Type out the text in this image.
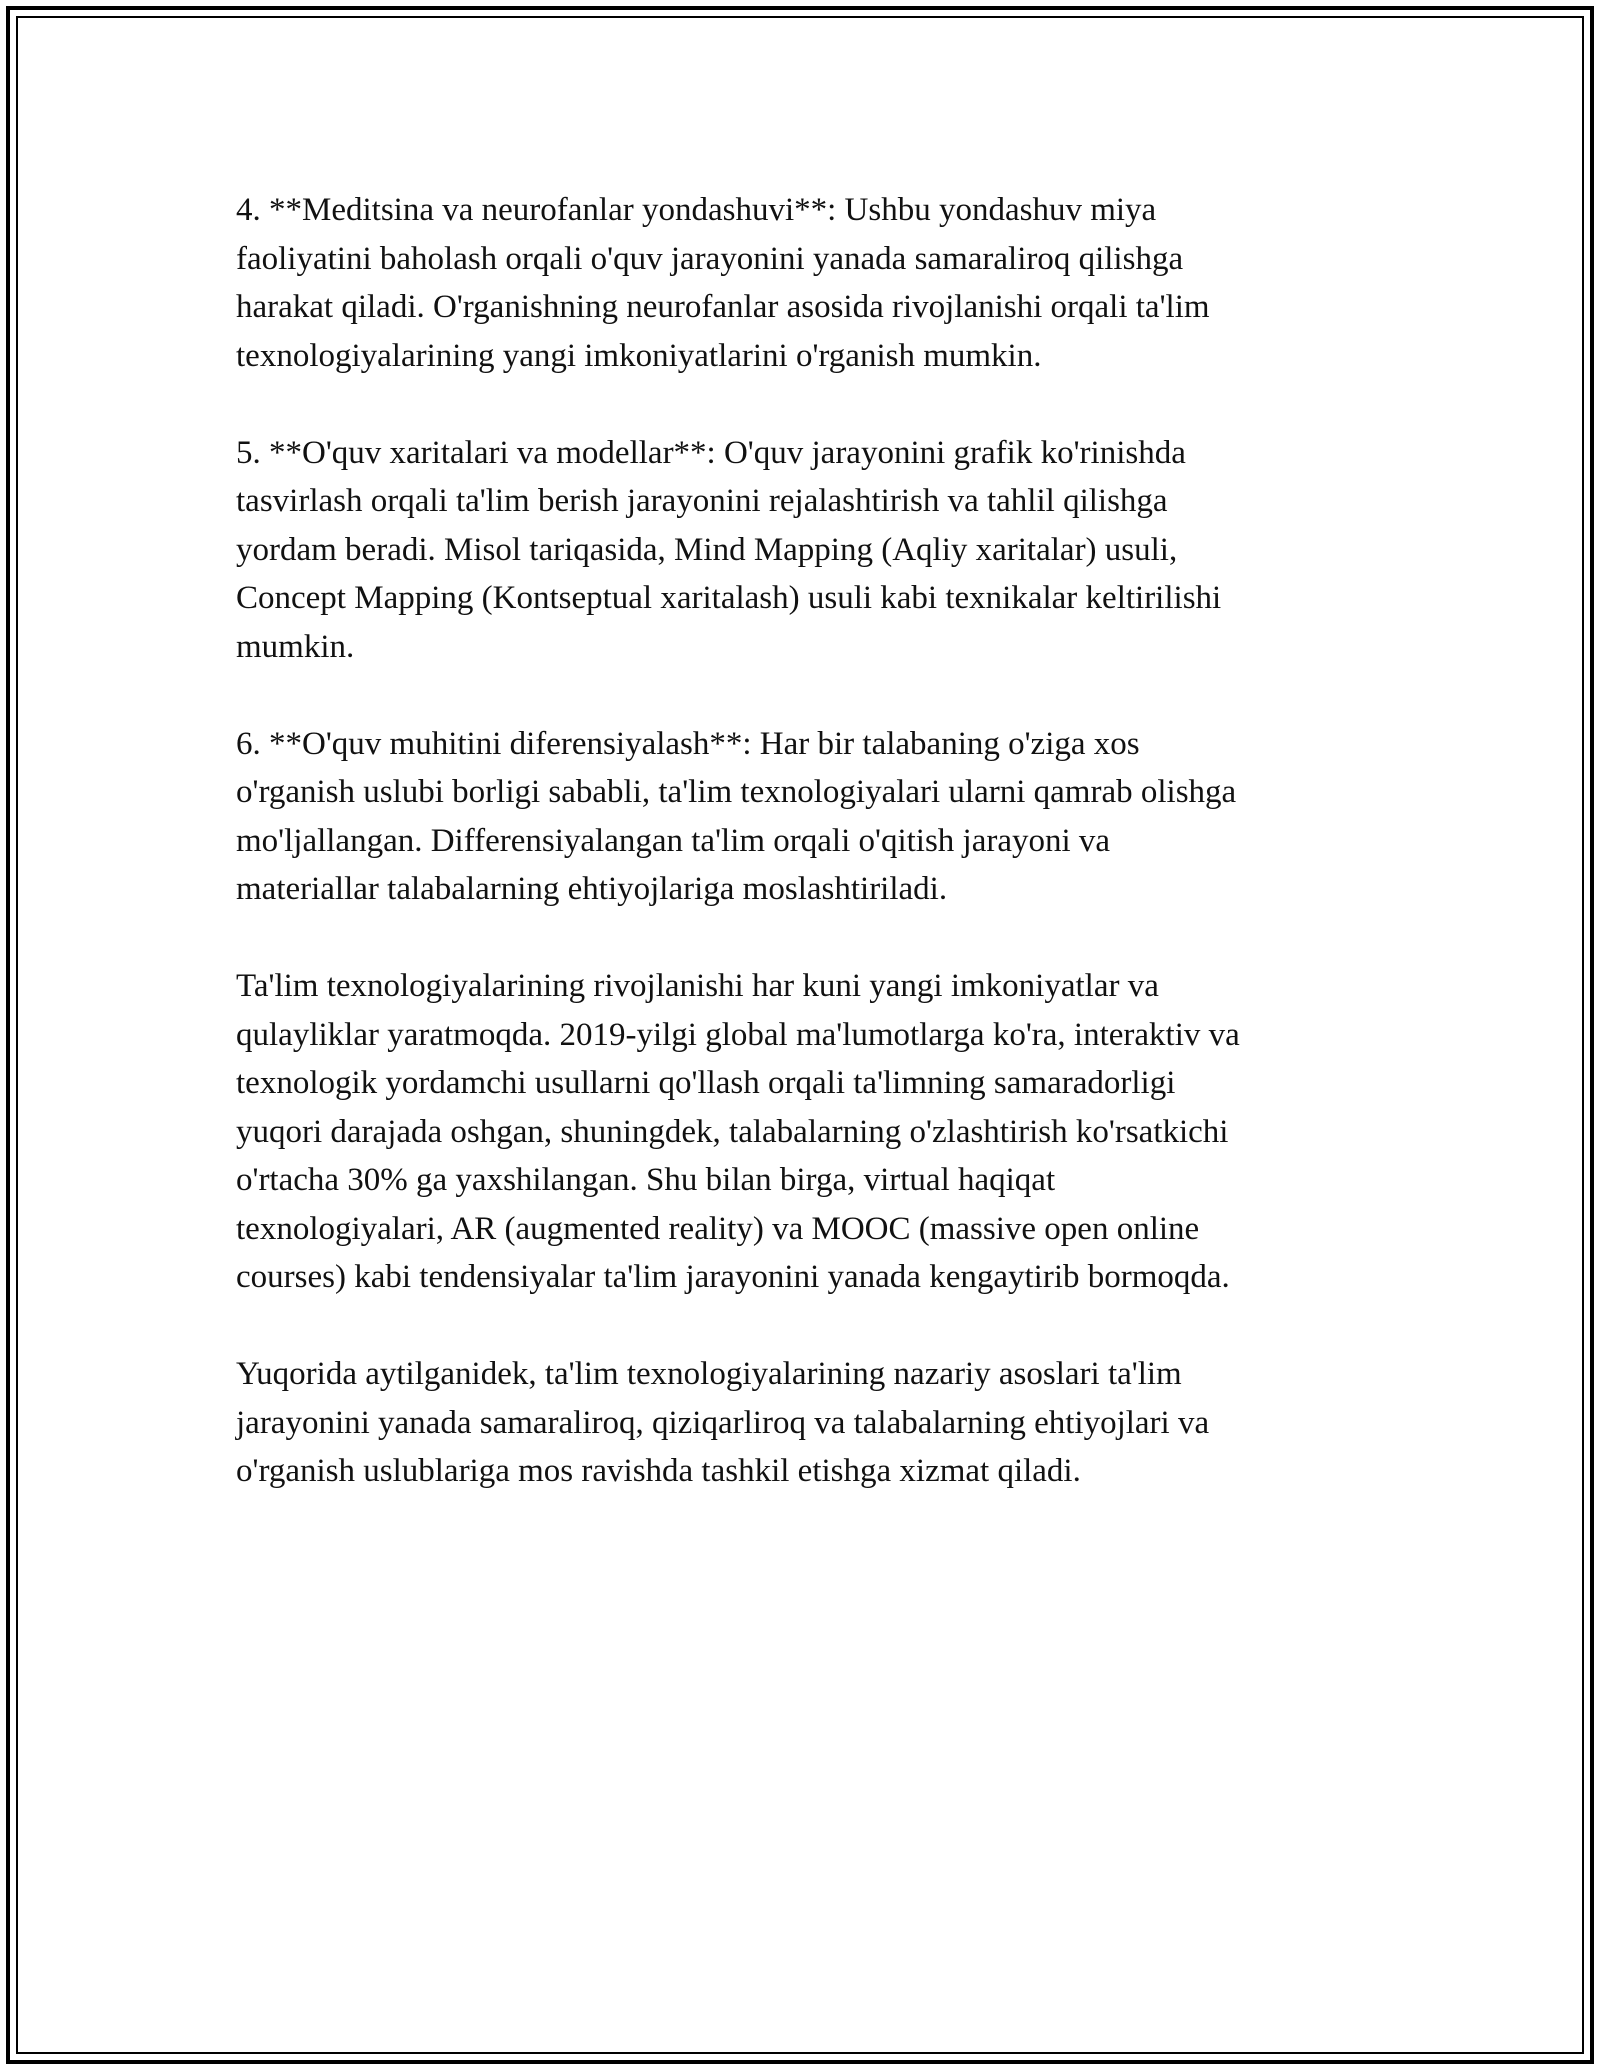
4. **Meditsina va neurofanlar yondashuvi**: Ushbu yondashuv miya
faoliyatini baholash orqali o'quv jarayonini yanada samaraliroq qilishga
harakat qiladi. O'rganishning neurofanlar asosida rivojlanishi orqali ta'lim
texnologiyalarining yangi imkoniyatlarini o'rganish mumkin.

5. **O'quv xaritalari va modellar**: O'quv jarayonini grafik ko'rinishda
tasvirlash orqali ta'lim berish jarayonini rejalashtirish va tahlil qilishga
yordam beradi. Misol tariqasida, Mind Mapping (Aqliy xaritalar) usuli,
Concept Mapping (Kontseptual xaritalash) usuli kabi texnikalar keltirilishi
mumkin.

6. **O'quv muhitini diferensiyalash**: Har bir talabaning o'ziga xos
o'rganish uslubi borligi sababli, ta'lim texnologiyalari ularni qamrab olishga
mo'ljallangan. Differensiyalangan ta'lim orqali o'qitish jarayoni va
materiallar talabalarning ehtiyojlariga moslashtiriladi.

Ta'lim texnologiyalarining rivojlanishi har kuni yangi imkoniyatlar va
qulayliklar yaratmoqda. 2019-yilgi global ma'lumotlarga ko'ra, interaktiv va
texnologik yordamchi usullarni qo'llash orqali ta'limning samaradorligi
yuqori darajada oshgan, shuningdek, talabalarning o'zlashtirish ko'rsatkichi
o'rtacha 30% ga yaxshilangan. Shu bilan birga, virtual haqiqat
texnologiyalari, AR (augmented reality) va MOOC (massive open online
courses) kabi tendensiyalar ta'lim jarayonini yanada kengaytirib bormoqda.

Yuqorida aytilganidek, ta'lim texnologiyalarining nazariy asoslari ta'lim
jarayonini yanada samaraliroq, qiziqarliroq va talabalarning ehtiyojlari va
o'rganish uslublariga mos ravishda tashkil etishga xizmat qiladi.
